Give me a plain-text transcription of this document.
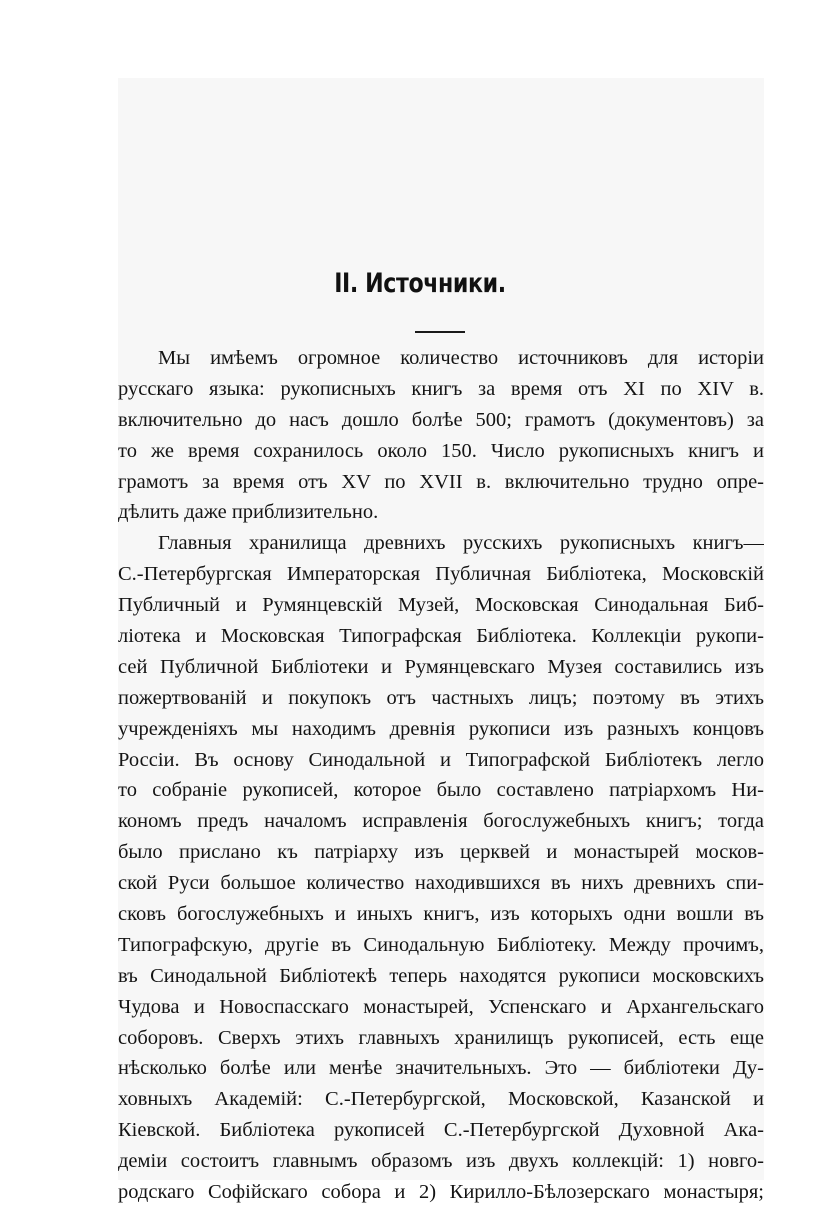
II. Источники.
Мы имѣемъ огромное количество источниковъ для исторіи
русскаго языка: рукописныхъ книгъ за время отъ XI по XIV в.
включительно до насъ дошло болѣе 500; грамотъ (документовъ) за
то же время сохранилось около 150. Число рукописныхъ книгъ и
грамотъ за время отъ XV по XVII в. включительно трудно опре-
дѣлить даже приблизительно.
Главныя хранилища древнихъ русскихъ рукописныхъ книгъ—
С.-Петербургская Императорская Публичная Библіотека, Московскій
Публичный и Румянцевскій Музей, Московская Синодальная Биб-
ліотека и Московская Типографская Библіотека. Коллекціи рукопи-
сей Публичной Библіотеки и Румянцевскаго Музея составились изъ
пожертвованій и покупокъ отъ частныхъ лицъ; поэтому въ этихъ
учрежденіяхъ мы находимъ древнія рукописи изъ разныхъ концовъ
Россіи. Въ основу Синодальной и Типографской Библіотекъ легло
то собраніе рукописей, которое было составлено патріархомъ Ни-
кономъ предъ началомъ исправленія богослужебныхъ книгъ; тогда
было прислано къ патріарху изъ церквей и монастырей москов-
ской Руси большое количество находившихся въ нихъ древнихъ спи-
сковъ богослужебныхъ и иныхъ книгъ, изъ которыхъ одни вошли въ
Типографскую, другіе въ Синодальную Библіотеку. Между прочимъ,
въ Синодальной Библіотекѣ теперь находятся рукописи московскихъ
Чудова и Новоспасскаго монастырей, Успенскаго и Архангельскаго
соборовъ. Сверхъ этихъ главныхъ хранилищъ рукописей, есть еще
нѣсколько болѣе или менѣе значительныхъ. Это — библіотеки Ду-
ховныхъ Академій: С.-Петербургской, Московской, Казанской и
Кіевской. Библіотека рукописей С.-Петербургской Духовной Ака-
деміи состоитъ главнымъ образомъ изъ двухъ коллекцій: 1) новго-
родскаго Софійскаго собора и 2) Кирилло-Бѣлозерскаго монастыря;
